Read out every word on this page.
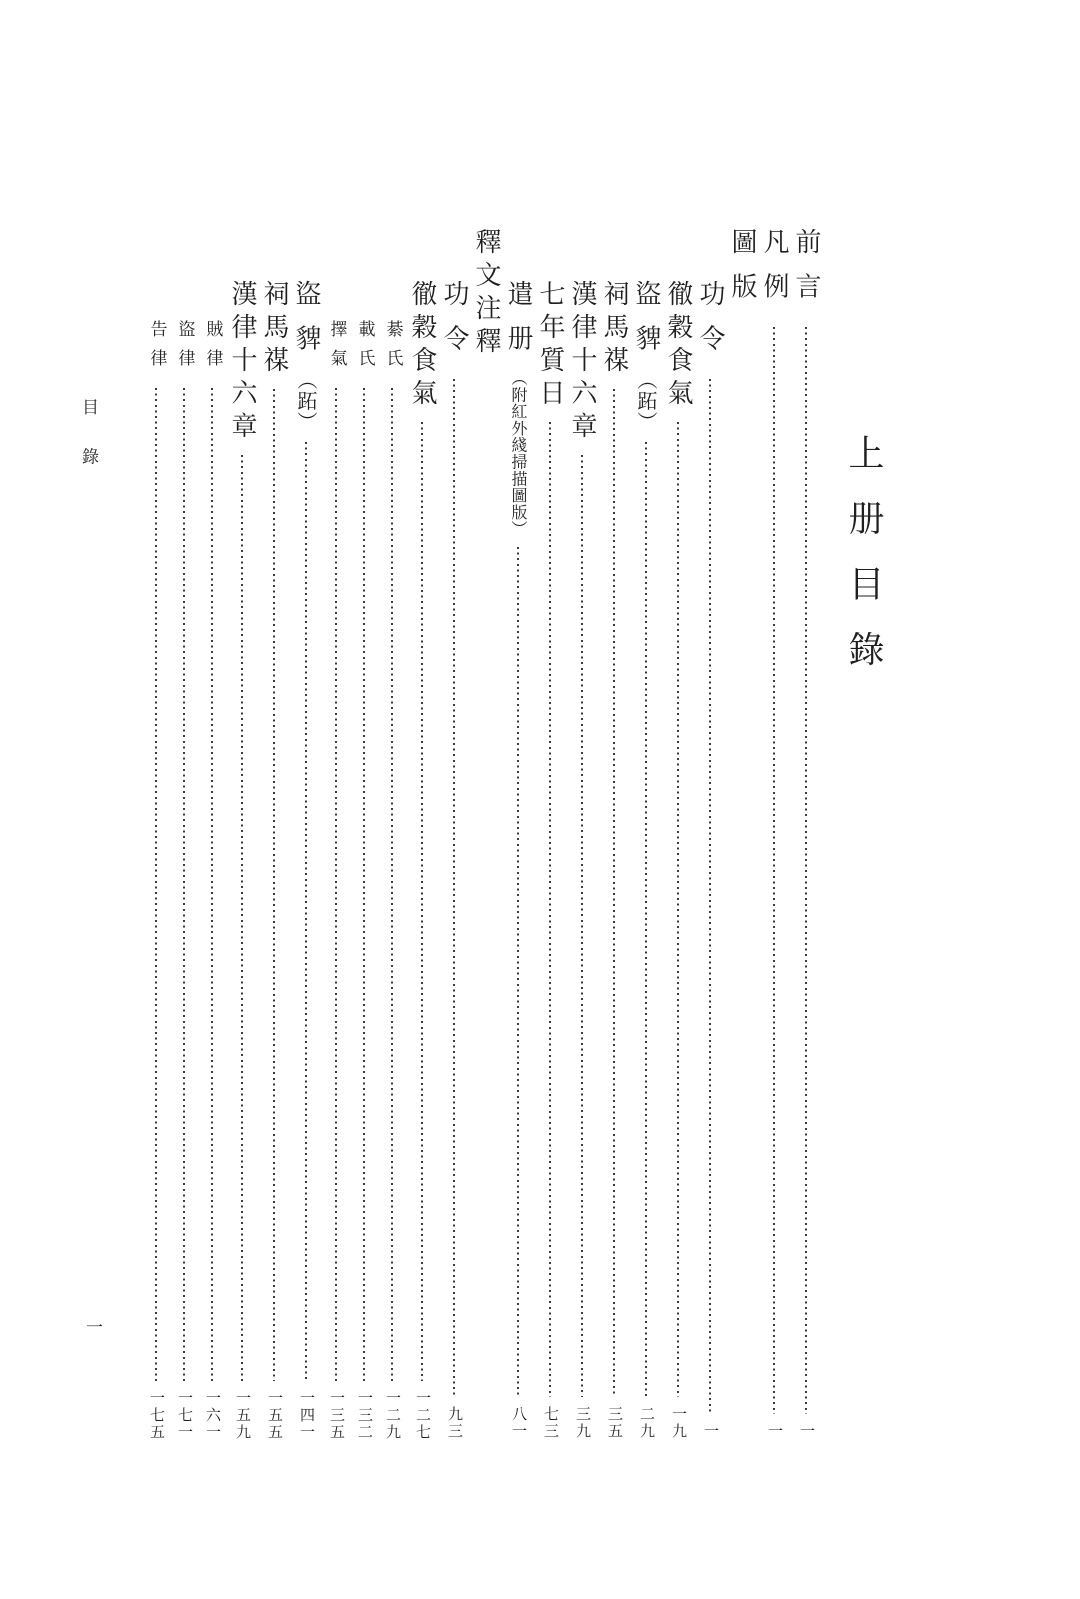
上册目錄
目錄
一
前言
一
凡例
一
圖版
功令
一
徹穀食氣
一九
盜貏（跖）
二九
祠馬禖
三五
漢律十六章
三九
七年質日
七三
遣册（附紅外綫掃描圖版）
八一
釋文注釋
功令
九三
徹穀食氣
一二七
綦氏
一二九
載氏
一三二
擇氣
一三五
盜貏（跖）
一四一
祠馬禖
一五五
漢律十六章
一五九
賊律
一六一
盜律
一七一
告律
一七五
